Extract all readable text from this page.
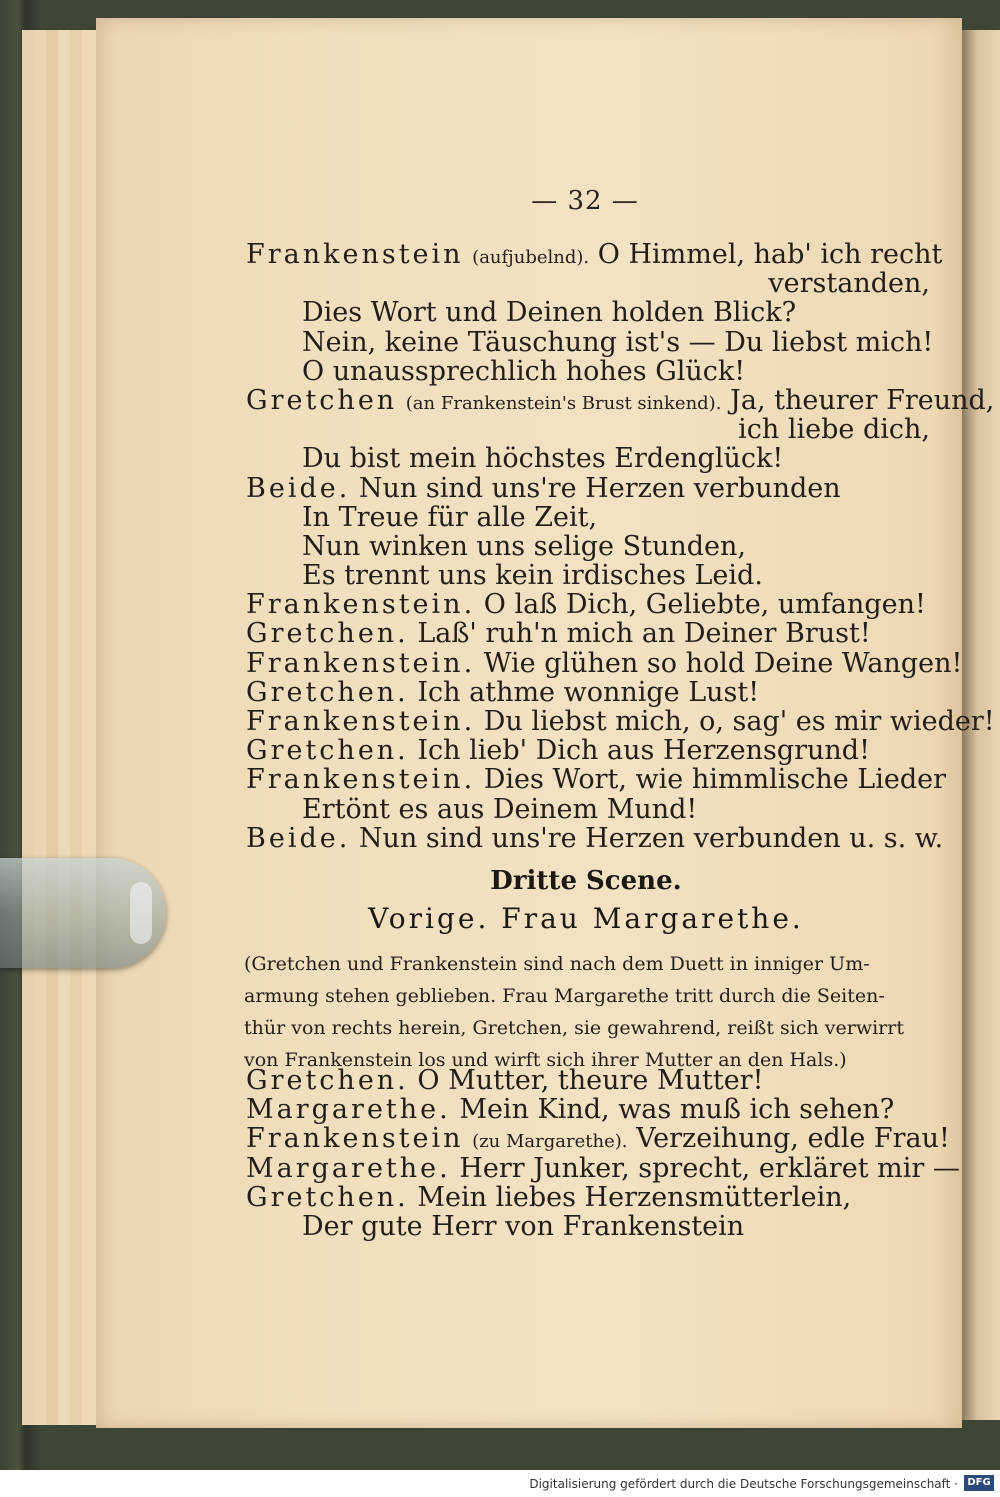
— 32 —
Frankenstein (aufjubelnd). O Himmel, hab' ich recht
verstanden,
Dies Wort und Deinen holden Blick?
Nein, keine Täuschung ist's — Du liebst mich!
O unaussprechlich hohes Glück!
Gretchen (an Frankenstein's Brust sinkend). Ja, theurer Freund,
ich liebe dich,
Du bist mein höchstes Erdenglück!
Beide. Nun sind uns're Herzen verbunden
In Treue für alle Zeit,
Nun winken uns selige Stunden,
Es trennt uns kein irdisches Leid.
Frankenstein. O laß Dich, Geliebte, umfangen!
Gretchen. Laß' ruh'n mich an Deiner Brust!
Frankenstein. Wie glühen so hold Deine Wangen!
Gretchen. Ich athme wonnige Lust!
Frankenstein. Du liebst mich, o, sag' es mir wieder!
Gretchen. Ich lieb' Dich aus Herzensgrund!
Frankenstein. Dies Wort, wie himmlische Lieder
Ertönt es aus Deinem Mund!
Beide. Nun sind uns're Herzen verbunden u. s. w.
Dritte Scene.
Vorige. Frau Margarethe.
(Gretchen und Frankenstein sind nach dem Duett in inniger Um-
armung stehen geblieben. Frau Margarethe tritt durch die Seiten-
thür von rechts herein, Gretchen, sie gewahrend, reißt sich verwirrt
von Frankenstein los und wirft sich ihrer Mutter an den Hals.)
Gretchen. O Mutter, theure Mutter!
Margarethe. Mein Kind, was muß ich sehen?
Frankenstein (zu Margarethe). Verzeihung, edle Frau!
Margarethe. Herr Junker, sprecht, erkläret mir —
Gretchen. Mein liebes Herzensmütterlein,
Der gute Herr von Frankenstein
Digitalisierung gefördert durch die Deutsche Forschungsgemeinschaft · DFG
